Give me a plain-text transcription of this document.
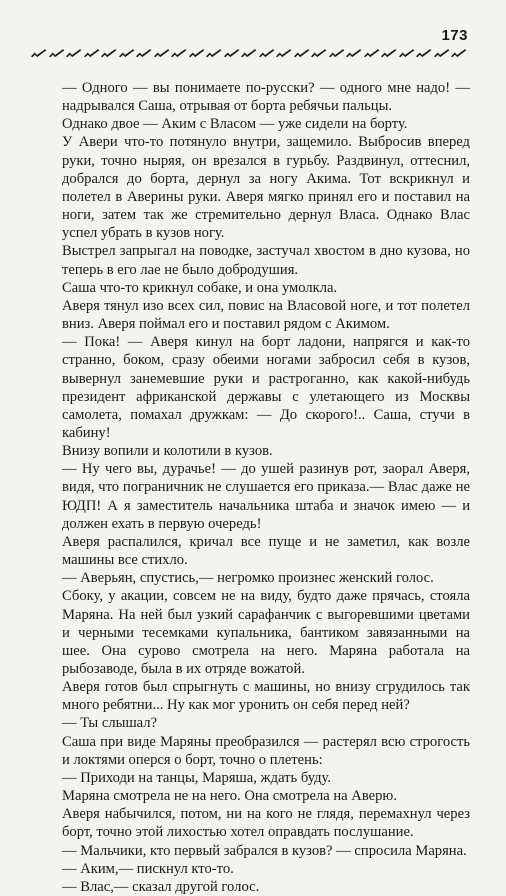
173

— Одного — вы понимаете по-русски? — одного мне надо! — надрывался Саша, отрывая от борта ребячьи пальцы.

Однако двое — Аким с Власом — уже сидели на борту.

У Авери что-то потянуло внутри, защемило. Выбросив вперед руки, точно ныряя, он врезался в гурьбу. Раздвинул, оттеснил, добрался до борта, дернул за ногу Акима. Тот вскрикнул и полетел в Аверины руки. Аверя мягко принял его и поставил на ноги, затем так же стремительно дернул Власа. Однако Влас успел убрать в кузов ногу.

Выстрел запрыгал на поводке, застучал хвостом в дно кузова, но теперь в его лае не было добродушия.

Саша что-то крикнул собаке, и она умолкла.

Аверя тянул изо всех сил, повис на Власовой ноге, и тот полетел вниз. Аверя поймал его и поставил рядом с Акимом.

— Пока! — Аверя кинул на борт ладони, напрягся и как-то странно, боком, сразу обеими ногами забросил себя в кузов, вывернул занемевшие руки и растроганно, как какой-нибудь президент африканской державы с улетающего из Москвы самолета, помахал дружкам: — До скорого!.. Саша, стучи в кабину!

Внизу вопили и колотили в кузов.

— Ну чего вы, дурачье! — до ушей разинув рот, заорал Аверя, видя, что пограничник не слушается его приказа.— Влас даже не ЮДП! А я заместитель начальника штаба и значок имею — и должен ехать в первую очередь!

Аверя распалился, кричал все пуще и не заметил, как возле машины все стихло.

— Аверьян, спустись,— негромко произнес женский голос.

Сбоку, у акации, совсем не на виду, будто даже прячась, стояла Маряна. На ней был узкий сарафанчик с выгоревшими цветами и черными тесемками купальника, бантиком завязанными на шее. Она сурово смотрела на него. Маряна работала на рыбозаводе, была в их отряде вожатой.

Аверя готов был спрыгнуть с машины, но внизу сгрудилось так много ребятни... Ну как мог уронить он себя перед ней?

— Ты слышал?

Саша при виде Маряны преобразился — растерял всю строгость и локтями оперся о борт, точно о плетень:

— Приходи на танцы, Маряша, ждать буду.

Маряна смотрела не на него. Она смотрела на Аверю.

Аверя набычился, потом, ни на кого не глядя, перемахнул через борт, точно этой лихостью хотел оправдать послушание.

— Мальчики, кто первый забрался в кузов? — спросила Маряна.

— Аким,— пискнул кто-то.

— Влас,— сказал другой голос.
